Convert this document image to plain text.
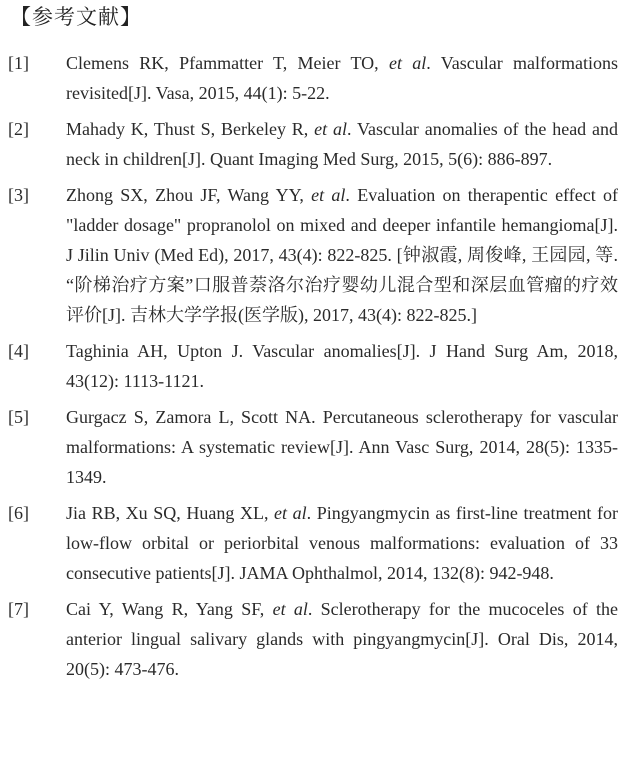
【参考文献】
[1]	Clemens RK, Pfammatter T, Meier TO, et al. Vascular malformations revisited[J]. Vasa, 2015, 44(1): 5-22.
[2]	Mahady K, Thust S, Berkeley R, et al. Vascular anomalies of the head and neck in children[J]. Quant Imaging Med Surg, 2015, 5(6): 886-897.
[3]	Zhong SX, Zhou JF, Wang YY, et al. Evaluation on therapentic effect of "ladder dosage" propranolol on mixed and deeper infantile hemangioma[J]. J Jilin Univ (Med Ed), 2017, 43(4): 822-825. [钟淑霞, 周俊峰, 王园园, 等. “阶梯治疗方案”口服普萘洛尔治疗婴幼儿混合型和深层血管瘤的疗效评价[J]. 吉林大学学报(医学版), 2017, 43(4): 822-825.]
[4]	Taghinia AH, Upton J. Vascular anomalies[J]. J Hand Surg Am, 2018, 43(12): 1113-1121.
[5]	Gurgacz S, Zamora L, Scott NA. Percutaneous sclerotherapy for vascular malformations: A systematic review[J]. Ann Vasc Surg, 2014, 28(5): 1335-1349.
[6]	Jia RB, Xu SQ, Huang XL, et al. Pingyangmycin as first-line treatment for low-flow orbital or periorbital venous malformations: evaluation of 33 consecutive patients[J]. JAMA Ophthalmol, 2014, 132(8): 942-948.
[7]	Cai Y, Wang R, Yang SF, et al. Sclerotherapy for the mucoceles of the anterior lingual salivary glands with pingyangmycin[J]. Oral Dis, 2014, 20(5): 473-476.
